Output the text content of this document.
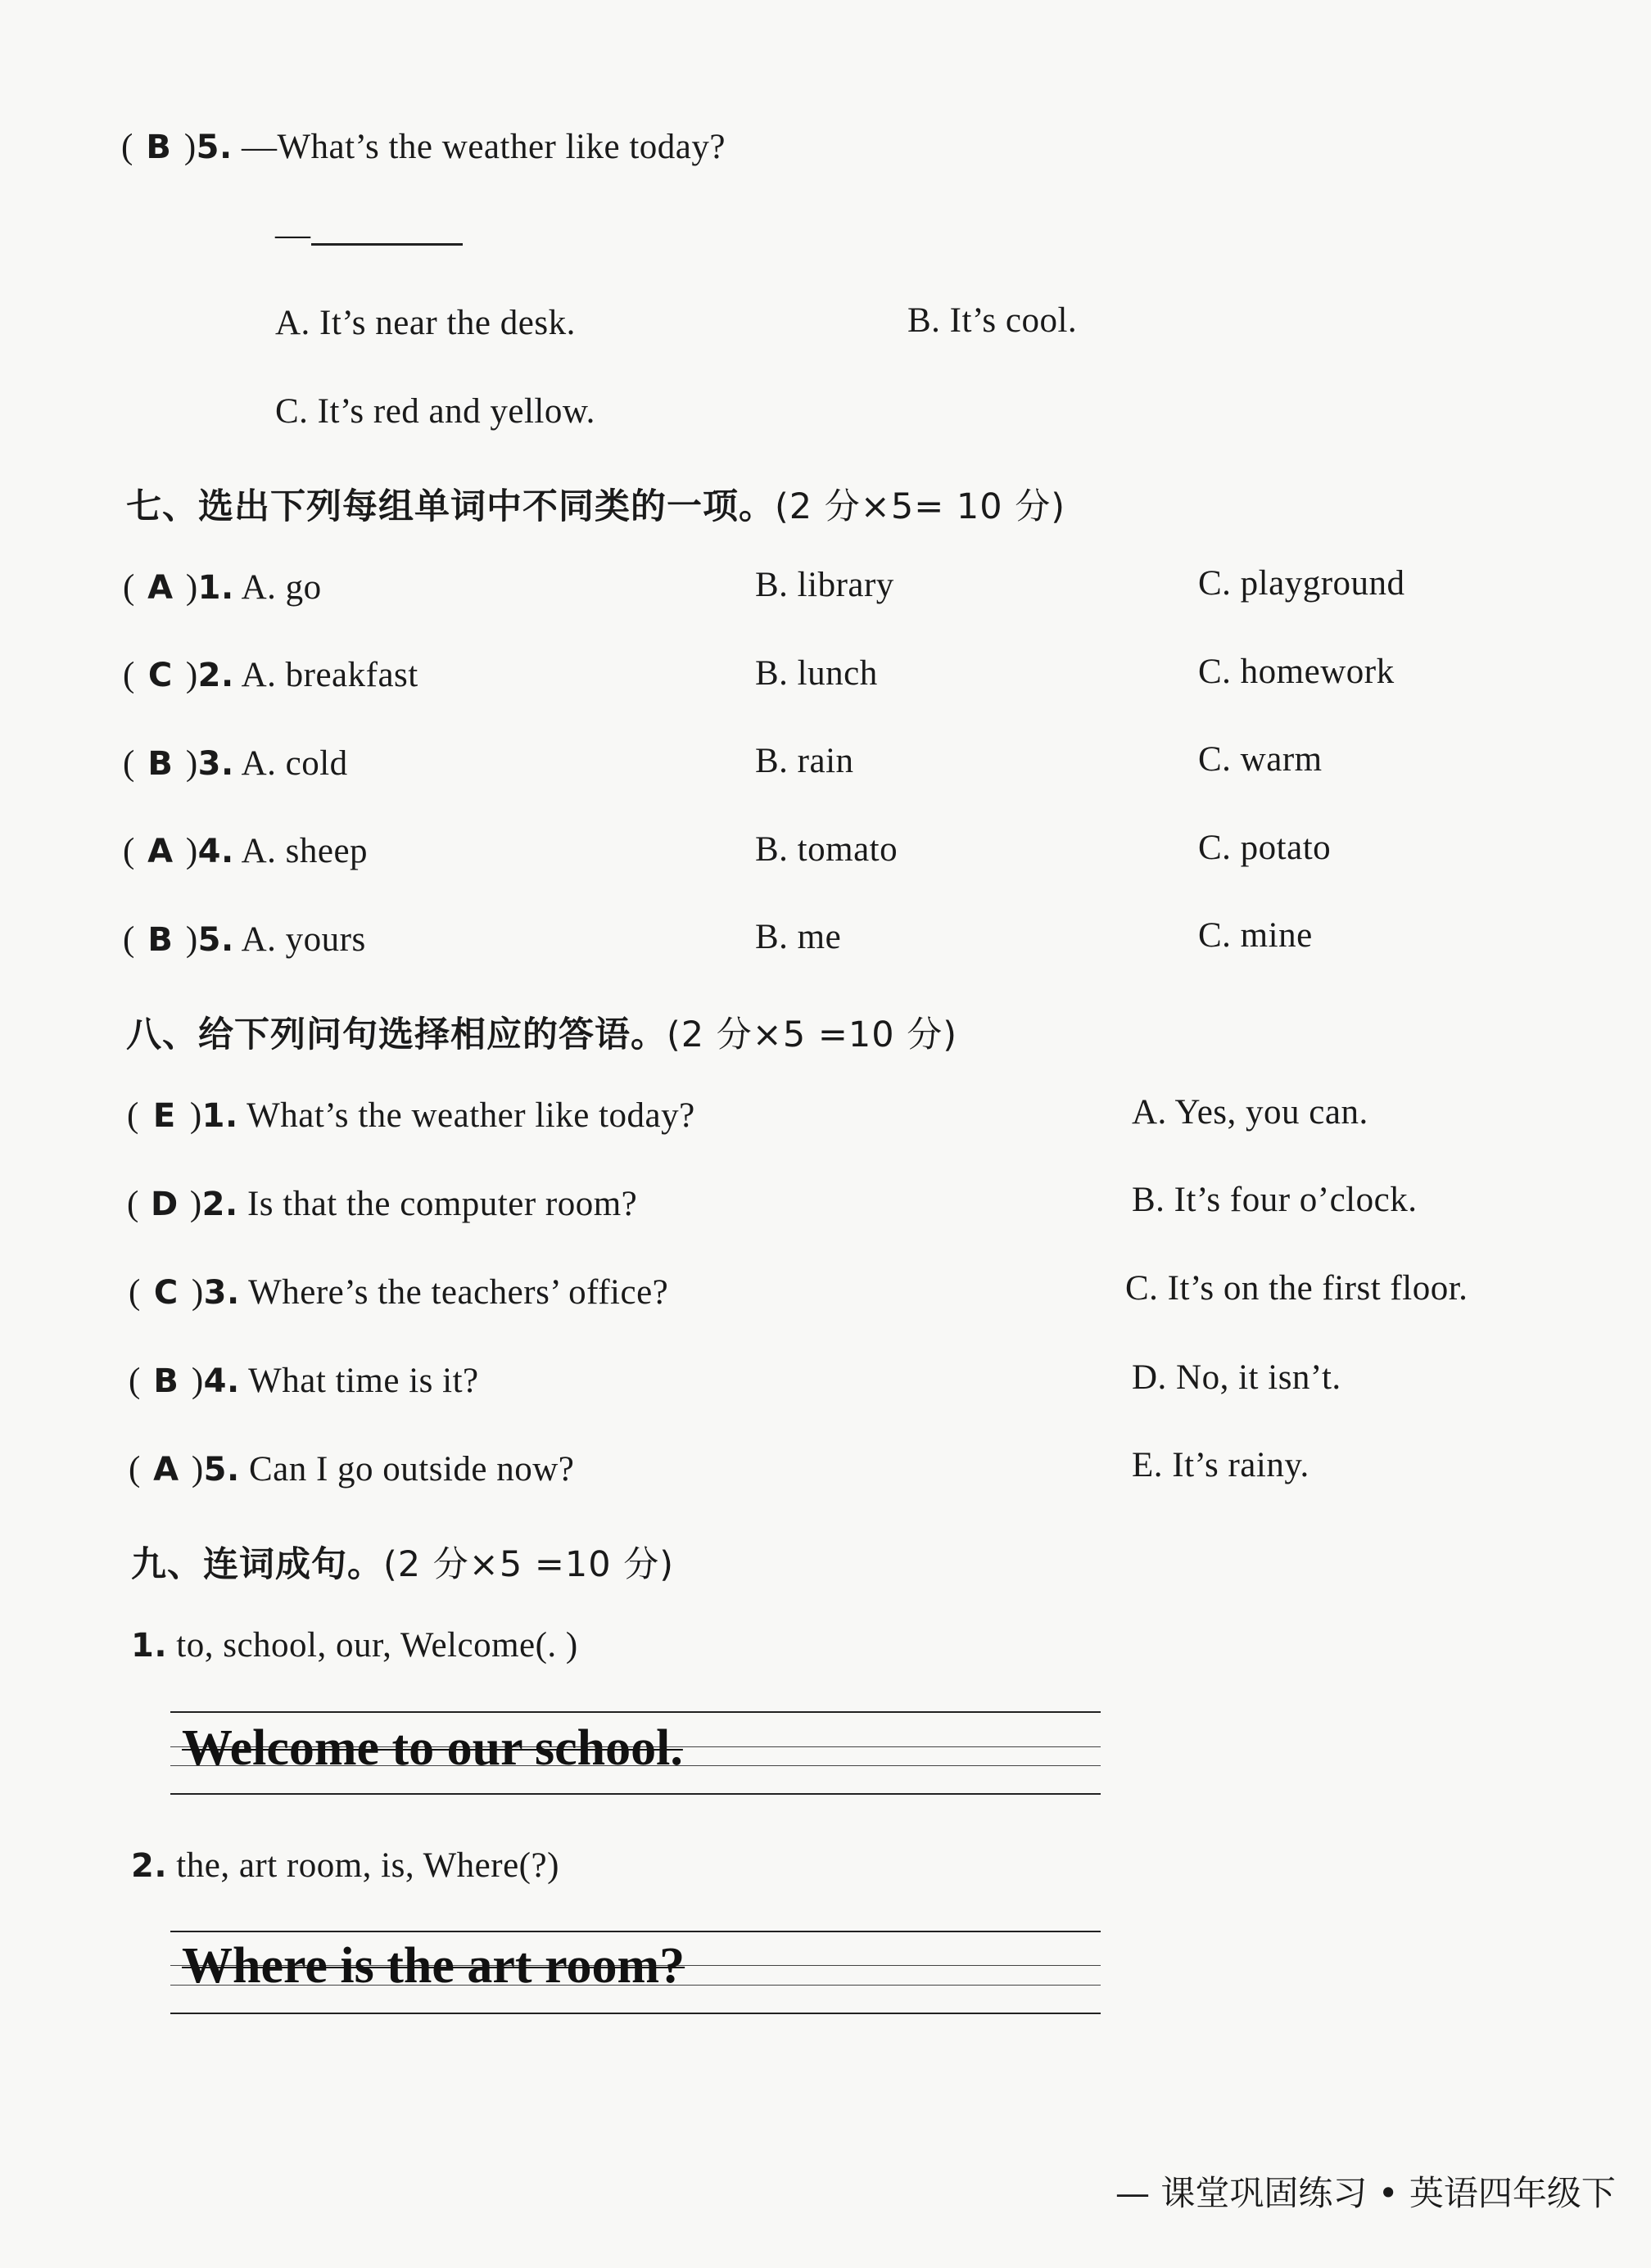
( B )5. —What’s the weather like today?
—
A. It’s near the desk.	B. It’s cool.
C. It’s red and yellow.
七、选出下列每组单词中不同类的一项。(2 分×5= 10 分)
( A )1. A. go	B. library	C. playground
( C )2. A. breakfast	B. lunch	C. homework
( B )3. A. cold	B. rain	C. warm
( A )4. A. sheep	B. tomato	C. potato
( B )5. A. yours	B. me	C. mine
八、给下列问句选择相应的答语。(2 分×5 =10 分)
( E )1. What’s the weather like today?	A. Yes, you can.
( D )2. Is that the computer room?	B. It’s four o’clock.
( C )3. Where’s the teachers’ office?	C. It’s on the first floor.
( B )4. What time is it?	D. No, it isn’t.
( A )5. Can I go outside now?	E. It’s rainy.
九、连词成句。(2 分×5 =10 分)
1. to, school, our, Welcome(. )
Welcome to our school.
2. the, art room, is, Where(?)
Where is the art room?
— 课堂巩固练习 • 英语四年级下
